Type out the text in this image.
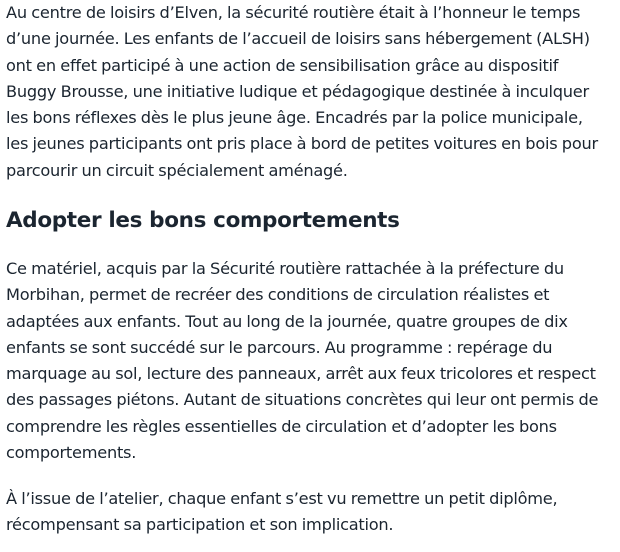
Au centre de loisirs d’Elven, la sécurité routière était à l’honneur le temps
d’une journée. Les enfants de l’accueil de loisirs sans hébergement (ALSH)
ont en effet participé à une action de sensibilisation grâce au dispositif
Buggy Brousse, une initiative ludique et pédagogique destinée à inculquer
les bons réflexes dès le plus jeune âge. Encadrés par la police municipale,
les jeunes participants ont pris place à bord de petites voitures en bois pour
parcourir un circuit spécialement aménagé.

Adopter les bons comportements

Ce matériel, acquis par la Sécurité routière rattachée à la préfecture du
Morbihan, permet de recréer des conditions de circulation réalistes et
adaptées aux enfants. Tout au long de la journée, quatre groupes de dix
enfants se sont succédé sur le parcours. Au programme : repérage du
marquage au sol, lecture des panneaux, arrêt aux feux tricolores et respect
des passages piétons. Autant de situations concrètes qui leur ont permis de
comprendre les règles essentielles de circulation et d’adopter les bons
comportements.

À l’issue de l’atelier, chaque enfant s’est vu remettre un petit diplôme,
récompensant sa participation et son implication.
